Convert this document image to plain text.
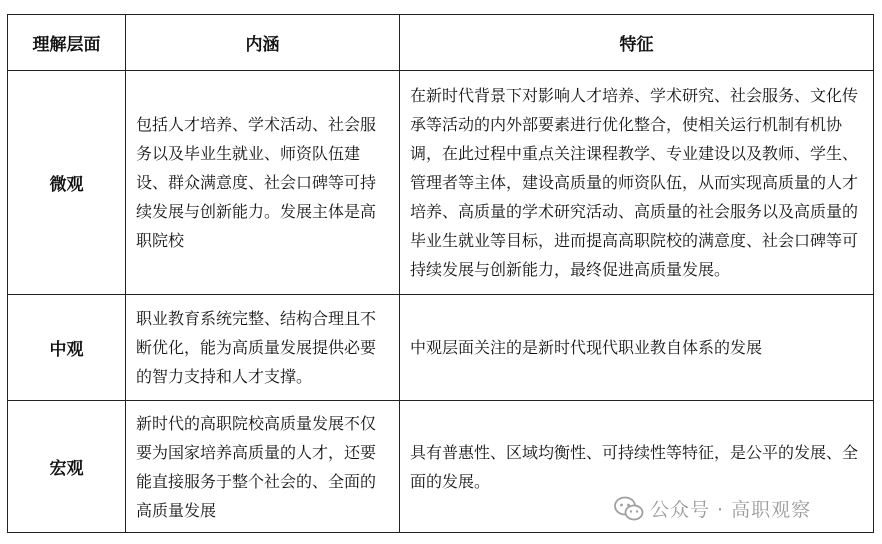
理解层面	内涵	特征
微观	包括人才培养、学术活动、社会服务以及毕业生就业、师资队伍建设、群众满意度、社会口碑等可持续发展与创新能力。发展主体是高职院校	在新时代背景下对影响人才培养、学术研究、社会服务、文化传承等活动的内外部要素进行优化整合，使相关运行机制有机协调，在此过程中重点关注课程教学、专业建设以及教师、学生、管理者等主体，建设高质量的师资队伍，从而实现高质量的人才培养、高质量的学术研究活动、高质量的社会服务以及高质量的毕业生就业等目标，进而提高高职院校的满意度、社会口碑等可持续发展与创新能力，最终促进高质量发展。
中观	职业教育系统完整、结构合理且不断优化，能为高质量发展提供必要的智力支持和人才支撑。	中观层面关注的是新时代现代职业教自体系的发展
宏观	新时代的高职院校高质量发展不仅要为国家培养高质量的人才，还要能直接服务于整个社会的、全面的高质量发展	具有普惠性、区域均衡性、可持续性等特征，是公平的发展、全面的发展。
公众号 · 高职观察
